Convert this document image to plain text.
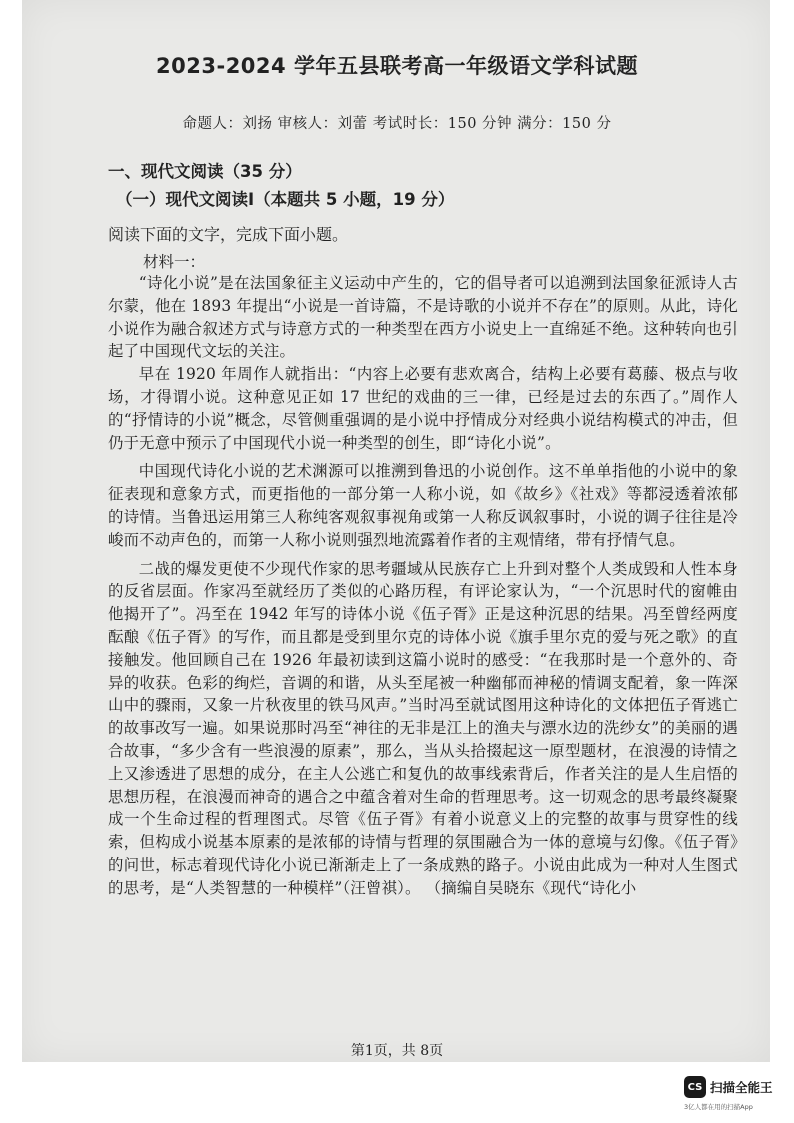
2023-2024 学年五县联考高一年级语文学科试题
命题人：刘扬 审核人：刘蕾 考试时长：150 分钟 满分：150 分
一、现代文阅读（35 分）
（一）现代文阅读Ⅰ（本题共 5 小题，19 分）
阅读下面的文字，完成下面小题。
材料一：

“诗化小说”是在法国象征主义运动中产生的，它的倡导者可以追溯到法国象征派诗人古尔蒙，他在 1893 年提出“小说是一首诗篇，不是诗歌的小说并不存在”的原则。从此，诗化小说作为融合叙述方式与诗意方式的一种类型在西方小说史上一直绵延不绝。这种转向也引起了中国现代文坛的关注。

早在 1920 年周作人就指出：“内容上必要有悲欢离合，结构上必要有葛藤、极点与收场，才得谓小说。这种意见正如 17 世纪的戏曲的三一律，已经是过去的东西了。”周作人的“抒情诗的小说”概念，尽管侧重强调的是小说中抒情成分对经典小说结构模式的冲击，但仍于无意中预示了中国现代小说一种类型的创生，即“诗化小说”。

中国现代诗化小说的艺术渊源可以推溯到鲁迅的小说创作。这不单单指他的小说中的象征表现和意象方式，而更指他的一部分第一人称小说，如《故乡》《社戏》等都浸透着浓郁的诗情。当鲁迅运用第三人称纯客观叙事视角或第一人称反讽叙事时，小说的调子往往是冷峻而不动声色的，而第一人称小说则强烈地流露着作者的主观情绪，带有抒情气息。

二战的爆发更使不少现代作家的思考疆域从民族存亡上升到对整个人类成毁和人性本身的反省层面。作家冯至就经历了类似的心路历程，有评论家认为，“一个沉思时代的窗帷由他揭开了”。冯至在 1942 年写的诗体小说《伍子胥》正是这种沉思的结果。冯至曾经两度酝酿《伍子胥》的写作，而且都是受到里尔克的诗体小说《旗手里尔克的爱与死之歌》的直接触发。他回顾自己在 1926 年最初读到这篇小说时的感受：“在我那时是一个意外的、奇异的收获。色彩的绚烂，音调的和谐，从头至尾被一种幽郁而神秘的情调支配着，象一阵深山中的骤雨，又象一片秋夜里的铁马风声。”当时冯至就试图用这种诗化的文体把伍子胥逃亡的故事改写一遍。如果说那时冯至“神往的无非是江上的渔夫与漂水边的洗纱女”的美丽的遇合故事，“多少含有一些浪漫的原素”，那么，当从头拾掇起这一原型题材，在浪漫的诗情之上又渗透进了思想的成分，在主人公逃亡和复仇的故事线索背后，作者关注的是人生启悟的思想历程，在浪漫而神奇的遇合之中蕴含着对生命的哲理思考。这一切观念的思考最终凝聚成一个生命过程的哲理图式。尽管《伍子胥》有着小说意义上的完整的故事与贯穿性的线索，但构成小说基本原素的是浓郁的诗情与哲理的氛围融合为一体的意境与幻像。《伍子胥》的问世，标志着现代诗化小说已渐渐走上了一条成熟的路子。小说由此成为一种对人生图式的思考，是“人类智慧的一种模样”（汪曾祺）。 （摘编自吴晓东《现代“诗化小

第1页，共 8页
CS 扫描全能王
3亿人都在用的扫描App
